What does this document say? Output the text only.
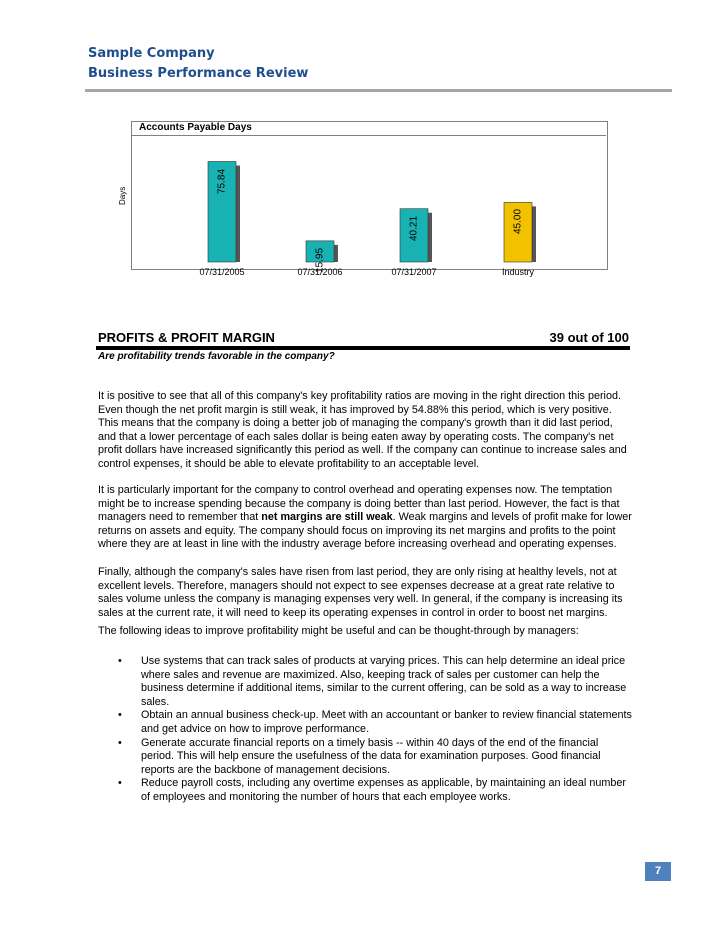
Sample Company
Business Performance Review
Accounts Payable Days
Days
75.84
07/31/2005	15.95
07/31/2006
40.21
07/31/2007
45.00
Industry
PROFITS & PROFIT MARGIN	39 out of 100
Are profitability trends favorable in the company?
It is positive to see that all of this company's key profitability ratios are moving in the right direction this period. Even though the net profit margin is still weak, it has improved by 54.88% this period, which is very positive. This means that the company is doing a better job of managing the company's growth than it did last period, and that a lower percentage of each sales dollar is being eaten away by operating costs. The company's net profit dollars have increased significantly this period as well. If the company can continue to increase sales and control expenses, it should be able to elevate profitability to an acceptable level.
It is particularly important for the company to control overhead and operating expenses now. The temptation might be to increase spending because the company is doing better than last period. However, the fact is that managers need to remember that net margins are still weak. Weak margins and levels of profit make for lower returns on assets and equity. The company should focus on improving its net margins and profits to the point where they are at least in line with the industry average before increasing overhead and operating expenses.
Finally, although the company's sales have risen from last period, they are only rising at healthy levels, not at excellent levels. Therefore, managers should not expect to see expenses decrease at a great rate relative to sales volume unless the company is managing expenses very well. In general, if the company is increasing its sales at the current rate, it will need to keep its operating expenses in control in order to boost net margins.
The following ideas to improve profitability might be useful and can be thought-through by managers:
• Use systems that can track sales of products at varying prices. This can help determine an ideal price where sales and revenue are maximized. Also, keeping track of sales per customer can help the business determine if additional items, similar to the current offering, can be sold as a way to increase sales.
• Obtain an annual business check-up. Meet with an accountant or banker to review financial statements and get advice on how to improve performance.
• Generate accurate financial reports on a timely basis -- within 40 days of the end of the financial period. This will help ensure the usefulness of the data for examination purposes. Good financial reports are the backbone of management decisions.
• Reduce payroll costs, including any overtime expenses as applicable, by maintaining an ideal number of employees and monitoring the number of hours that each employee works.
7
